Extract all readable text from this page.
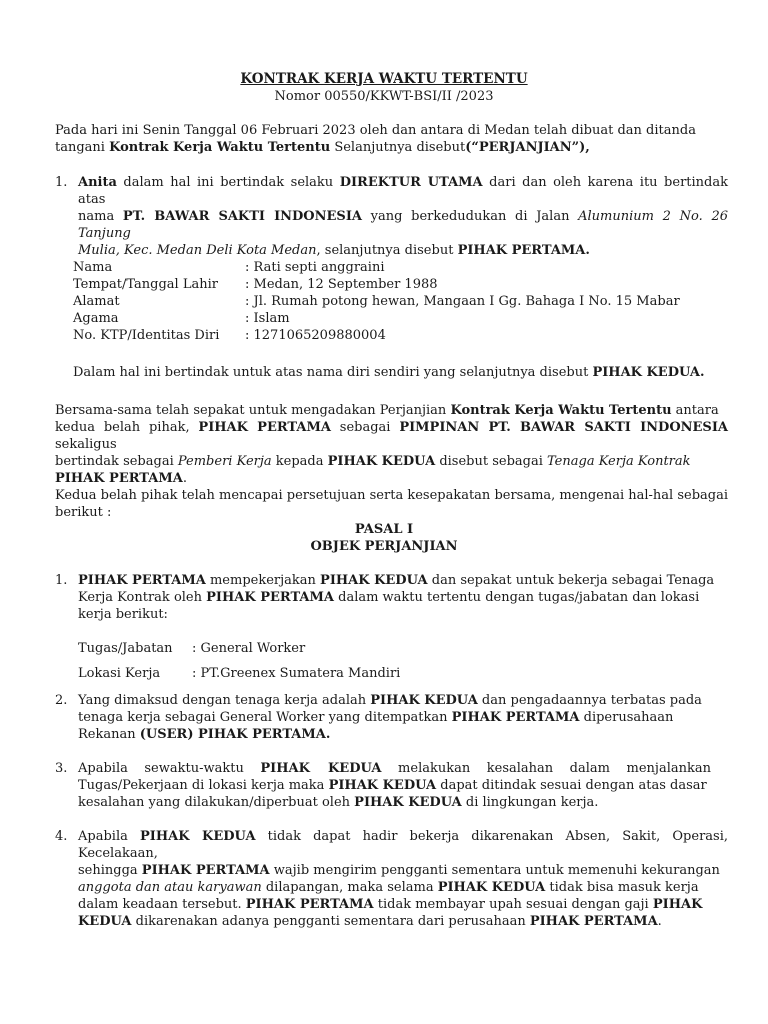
KONTRAK KERJA WAKTU TERTENTU
Nomor 00550/KKWT-BSI/II /2023
Pada hari ini Senin Tanggal 06 Februari 2023 oleh dan antara di Medan telah dibuat dan ditanda
tangani Kontrak Kerja Waktu Tertentu Selanjutnya disebut(“PERJANJIAN”),
1. Anita dalam hal ini bertindak selaku DIREKTUR UTAMA dari dan oleh karena itu bertindak atas
nama PT. BAWAR SAKTI INDONESIA yang berkedudukan di Jalan Alumunium 2 No. 26 Tanjung
Mulia, Kec. Medan Deli Kota Medan, selanjutnya disebut PIHAK PERTAMA.
Nama	: Rati septi anggraini
Tempat/Tanggal Lahir : Medan, 12 September 1988
Alamat	: Jl. Rumah potong hewan, Mangaan I Gg. Bahaga I No. 15 Mabar
Agama	: Islam
No. KTP/Identitas Diri : 1271065209880004
Dalam hal ini bertindak untuk atas nama diri sendiri yang selanjutnya disebut PIHAK KEDUA.
Bersama-sama telah sepakat untuk mengadakan Perjanjian Kontrak Kerja Waktu Tertentu antara
kedua belah pihak, PIHAK PERTAMA sebagai PIMPINAN PT. BAWAR SAKTI INDONESIA sekaligus
bertindak sebagai Pemberi Kerja kepada PIHAK KEDUA disebut sebagai Tenaga Kerja Kontrak
PIHAK PERTAMA.
Kedua belah pihak telah mencapai persetujuan serta kesepakatan bersama, mengenai hal-hal sebagai
berikut :
PASAL I
OBJEK PERJANJIAN
1. PIHAK PERTAMA mempekerjakan PIHAK KEDUA dan sepakat untuk bekerja sebagai Tenaga
Kerja Kontrak oleh PIHAK PERTAMA dalam waktu tertentu dengan tugas/jabatan dan lokasi
kerja berikut:
Tugas/Jabatan : General Worker
Lokasi Kerja : PT.Greenex Sumatera Mandiri
2. Yang dimaksud dengan tenaga kerja adalah PIHAK KEDUA dan pengadaannya terbatas pada
tenaga kerja sebagai General Worker yang ditempatkan PIHAK PERTAMA diperusahaan
Rekanan (USER) PIHAK PERTAMA.
3. Apabila    sewaktu-waktu    PIHAK    KEDUA    melakukan    kesalahan    dalam    menjalankan
Tugas/Pekerjaan di lokasi kerja maka PIHAK KEDUA dapat ditindak sesuai dengan atas dasar
kesalahan yang dilakukan/diperbuat oleh PIHAK KEDUA di lingkungan kerja.
4. Apabila PIHAK KEDUA tidak dapat hadir bekerja dikarenakan Absen, Sakit, Operasi, Kecelakaan,
sehingga PIHAK PERTAMA wajib mengirim pengganti sementara untuk memenuhi kekurangan
anggota dan atau karyawan dilapangan, maka selama PIHAK KEDUA tidak bisa masuk kerja
dalam keadaan tersebut. PIHAK PERTAMA tidak membayar upah sesuai dengan gaji PIHAK
KEDUA dikarenakan adanya pengganti sementara dari perusahaan PIHAK PERTAMA.
